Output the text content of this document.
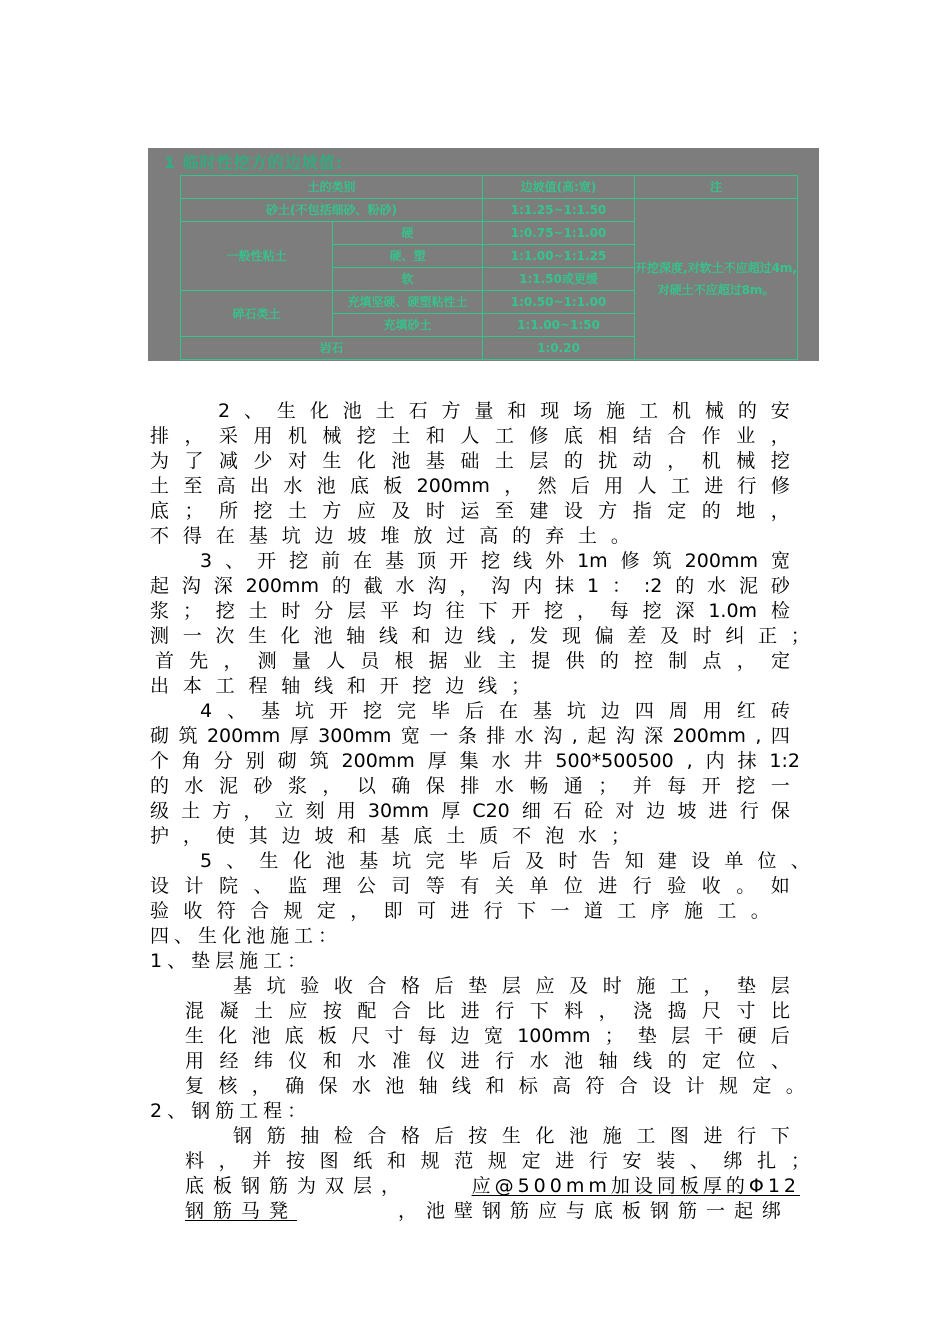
1 临时性挖方的边坡值:
土的类别		边坡值(高:宽)	注
砂土(不包括细砂、粉砂)		1:1.25~1:1.50	开挖深度,对软土不应超过4m,对硬土不应超过8m。
一般性粘土	硬	1:0.75~1:1.00	
	硬、塑	1:1.00~1:1.25	
	软	1:1.50或更缓	
碎石类土	充填坚硬、硬塑粘性土	1:0.50~1:1.00	
	充填砂土	1:1.00~1:50	
岩石		1:0.20	
2 、 生 化 池 土 石 方 量 和 现 场 施 工 机 械 的 安
排 ， 采 用 机 械 挖 土 和 人 工 修 底 相 结 合 作 业 ，
为 了 减 少 对 生 化 池 基 础 土 层 的 扰 动 ， 机 械 挖
土 至 高 出 水 池 底 板 200mm ， 然 后 用 人 工 进 行 修
底 ； 所 挖 土 方 应 及 时 运 至 建 设 方 指 定 的 地 ，
不 得 在 基 坑 边 坡 堆 放 过 高 的 弃 土 。
3 、 开 挖 前 在 基 顶 开 挖 线 外 1m 修 筑 200mm 宽
起 沟 深 200mm 的 截 水 沟 ， 沟 内 抹 1 ： :2 的 水 泥 砂
浆 ； 挖 土 时 分 层 平 均 往 下 开 挖 ， 每 挖 深 1.0m 检
测 一 次 生 化 池 轴 线 和 边 线 , 发 现 偏 差 及 时 纠 正 ；
首 先 ， 测 量 人 员 根 据 业 主 提 供 的 控 制 点 ， 定
出 本 工 程 轴 线 和 开 挖 边 线 ；
4 、 基 坑 开 挖 完 毕 后 在 基 坑 边 四 周 用 红 砖
砌 筑 200mm 厚 300mm 宽 一 条 排 水 沟 , 起 沟 深 200mm , 四
个 角 分 别 砌 筑 200mm 厚 集 水 井 500*500500 , 内 抹 1:2
的 水 泥 砂 浆 ， 以 确 保 排 水 畅 通 ； 并 每 开 挖 一
级 土 方 ， 立 刻 用 30mm 厚 C20 细 石 砼 对 边 坡 进 行 保
护 ， 使 其 边 坡 和 基 底 土 质 不 泡 水 ；
5 、 生 化 池 基 坑 完 毕 后 及 时 告 知 建 设 单 位 、
设 计 院 、 监 理 公 司 等 有 关 单 位 进 行 验 收 。 如
验 收 符 合 规 定 ， 即 可 进 行 下 一 道 工 序 施 工 。
四、生化池施工：
1、垫层施工：
基 坑 验 收 合 格 后 垫 层 应 及 时 施 工 ， 垫 层
混 凝 土 应 按 配 合 比 进 行 下 料 ， 浇 捣 尺 寸 比
生 化 池 底 板 尺 寸 每 边 宽 100mm ； 垫 层 干 硬 后
用 经 纬 仪 和 水 准 仪 进 行 水 池 轴 线 的 定 位 、
复 核 ， 确 保 水 池 轴 线 和 标 高 符 合 设 计 规 定 。
2、钢筋工程：
钢 筋 抽 检 合 格 后 按 生 化 池 施 工 图 进 行 下
料 ， 并 按 图 纸 和 规 范 规 定 进 行 安 装 、 绑 扎 ；
底板钢筋为双层，	应@500mm加设同板厚的Φ12
钢筋马凳	，池壁钢筋应与底板钢筋一起绑
